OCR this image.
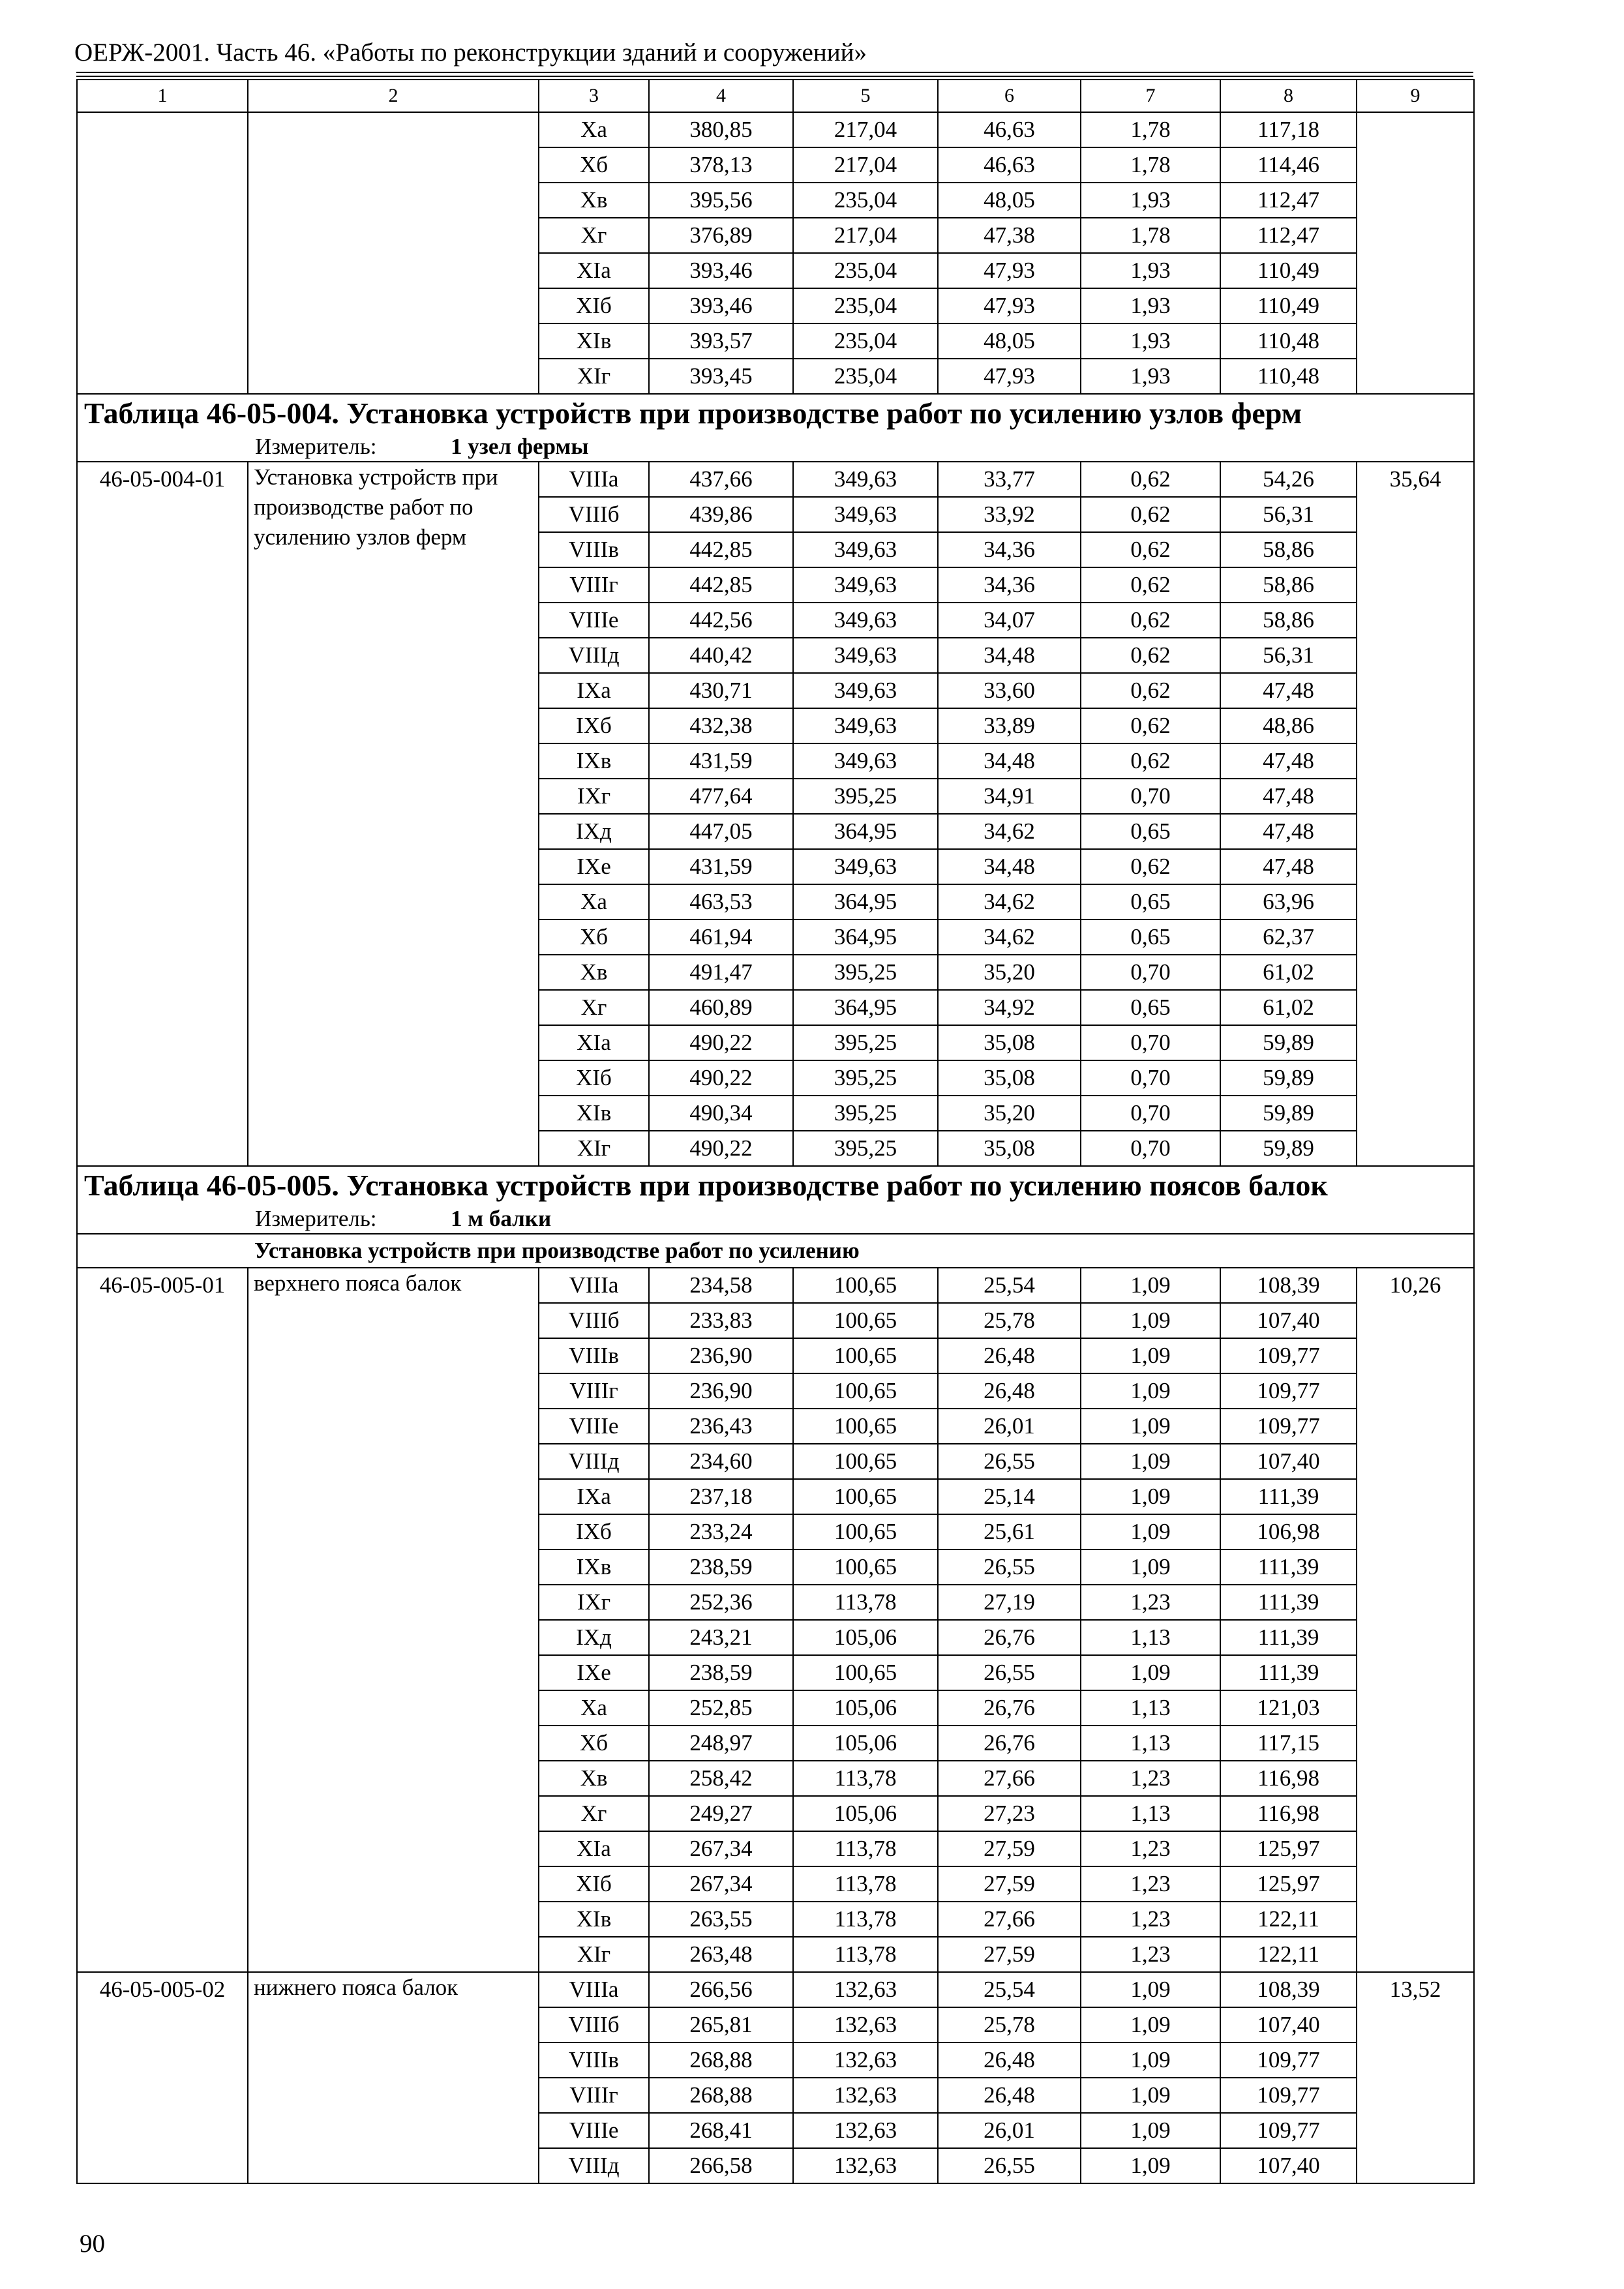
ОЕРЖ-2001. Часть 46. «Работы по реконструкции зданий и сооружений»
1	2	3	4	5	6	7	8	9
		Xa	380,85	217,04	46,63	1,78	117,18	
		Xб	378,13	217,04	46,63	1,78	114,46	
		Xв	395,56	235,04	48,05	1,93	112,47	
		Xг	376,89	217,04	47,38	1,78	112,47	
		XIa	393,46	235,04	47,93	1,93	110,49	
		XIб	393,46	235,04	47,93	1,93	110,49	
		XIв	393,57	235,04	48,05	1,93	110,48	
		XIг	393,45	235,04	47,93	1,93	110,48	

Таблица 46-05-004. Установка устройств при производстве работ по усилению узлов ферм
Измеритель: 1 узел фермы								

46-05-004-01	Установка устройств при производстве работ по усилению узлов ферм	VIIIa	437,66	349,63	33,77	0,62	54,26	35,64
		VIIIб	439,86	349,63	33,92	0,62	56,31	
		VIIIв	442,85	349,63	34,36	0,62	58,86	
		VIIIг	442,85	349,63	34,36	0,62	58,86	
		VIIIe	442,56	349,63	34,07	0,62	58,86	
		VIIIд	440,42	349,63	34,48	0,62	56,31	
		IXa	430,71	349,63	33,60	0,62	47,48	
		IXб	432,38	349,63	33,89	0,62	48,86	
		IXв	431,59	349,63	34,48	0,62	47,48	
		IXг	477,64	395,25	34,91	0,70	47,48	
		IXд	447,05	364,95	34,62	0,65	47,48	
		IXe	431,59	349,63	34,48	0,62	47,48	
		Xa	463,53	364,95	34,62	0,65	63,96	
		Xб	461,94	364,95	34,62	0,65	62,37	
		Xв	491,47	395,25	35,20	0,70	61,02	
		Xг	460,89	364,95	34,92	0,65	61,02	
		XIa	490,22	395,25	35,08	0,70	59,89	
		XIб	490,22	395,25	35,08	0,70	59,89	
		XIв	490,34	395,25	35,20	0,70	59,89	
		XIг	490,22	395,25	35,08	0,70	59,89	

Таблица 46-05-005. Установка устройств при производстве работ по усилению поясов балок
Измеритель: 1 м балки								

Установка устройств при производстве работ по усилению								
46-05-005-01	верхнего пояса балок	VIIIa	234,58	100,65	25,54	1,09	108,39	10,26
		VIIIб	233,83	100,65	25,78	1,09	107,40	
		VIIIв	236,90	100,65	26,48	1,09	109,77	
		VIIIг	236,90	100,65	26,48	1,09	109,77	
		VIIIe	236,43	100,65	26,01	1,09	109,77	
		VIIIд	234,60	100,65	26,55	1,09	107,40	
		IXa	237,18	100,65	25,14	1,09	111,39	
		IXб	233,24	100,65	25,61	1,09	106,98	
		IXв	238,59	100,65	26,55	1,09	111,39	
		IXг	252,36	113,78	27,19	1,23	111,39	
		IXд	243,21	105,06	26,76	1,13	111,39	
		IXe	238,59	100,65	26,55	1,09	111,39	
		Xa	252,85	105,06	26,76	1,13	121,03	
		Xб	248,97	105,06	26,76	1,13	117,15	
		Xв	258,42	113,78	27,66	1,23	116,98	
		Xг	249,27	105,06	27,23	1,13	116,98	
		XIa	267,34	113,78	27,59	1,23	125,97	
		XIб	267,34	113,78	27,59	1,23	125,97	
		XIв	263,55	113,78	27,66	1,23	122,11	
		XIг	263,48	113,78	27,59	1,23	122,11	
46-05-005-02	нижнего пояса балок	VIIIa	266,56	132,63	25,54	1,09	108,39	13,52
		VIIIб	265,81	132,63	25,78	1,09	107,40	
		VIIIв	268,88	132,63	26,48	1,09	109,77	
		VIIIг	268,88	132,63	26,48	1,09	109,77	
		VIIIe	268,41	132,63	26,01	1,09	109,77	
		VIIIд	266,58	132,63	26,55	1,09	107,40	
90
